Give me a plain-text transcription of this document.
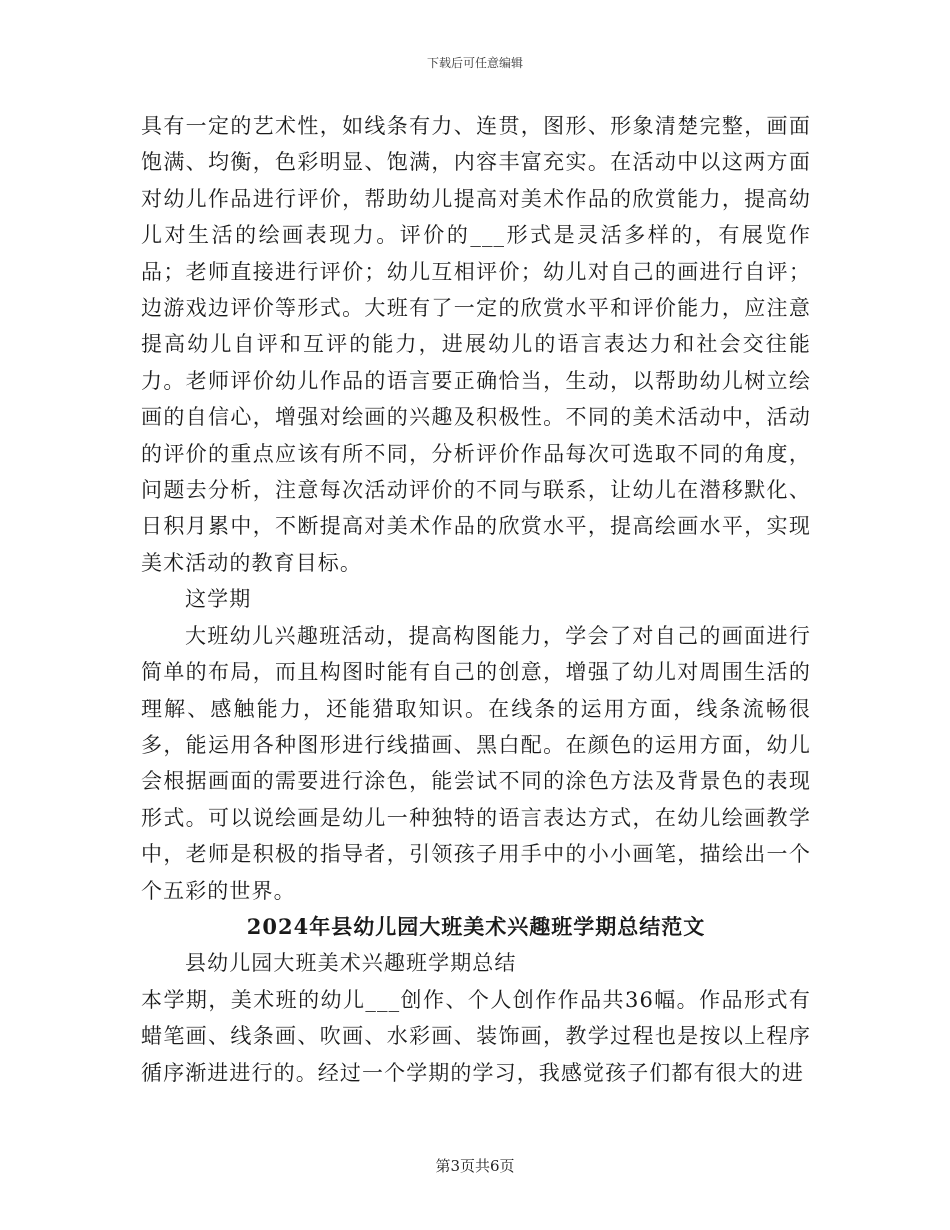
下载后可任意编辑

具有一定的艺术性，如线条有力、连贯，图形、形象清楚完整，画面饱满、均衡，色彩明显、饱满，内容丰富充实。在活动中以这两方面对幼儿作品进行评价，帮助幼儿提高对美术作品的欣赏能力，提高幼儿对生活的绘画表现力。评价的___形式是灵活多样的，有展览作品；老师直接进行评价；幼儿互相评价；幼儿对自己的画进行自评；边游戏边评价等形式。大班有了一定的欣赏水平和评价能力，应注意提高幼儿自评和互评的能力，进展幼儿的语言表达力和社会交往能力。老师评价幼儿作品的语言要正确恰当，生动，以帮助幼儿树立绘画的自信心，增强对绘画的兴趣及积极性。不同的美术活动中，活动的评价的重点应该有所不同，分析评价作品每次可选取不同的角度，问题去分析，注意每次活动评价的不同与联系，让幼儿在潜移默化、日积月累中，不断提高对美术作品的欣赏水平，提高绘画水平，实现美术活动的教育目标。

这学期

大班幼儿兴趣班活动，提高构图能力，学会了对自己的画面进行简单的布局，而且构图时能有自己的创意，增强了幼儿对周围生活的理解、感触能力，还能猎取知识。在线条的运用方面，线条流畅很多，能运用各种图形进行线描画、黑白配。在颜色的运用方面，幼儿会根据画面的需要进行涂色，能尝试不同的涂色方法及背景色的表现形式。可以说绘画是幼儿一种独特的语言表达方式，在幼儿绘画教学中，老师是积极的指导者，引领孩子用手中的小小画笔，描绘出一个个五彩的世界。

2024年县幼儿园大班美术兴趣班学期总结范文

县幼儿园大班美术兴趣班学期总结

本学期，美术班的幼儿___创作、个人创作作品共36幅。作品形式有蜡笔画、线条画、吹画、水彩画、装饰画，教学过程也是按以上程序循序渐进进行的。经过一个学期的学习，我感觉孩子们都有很大的进

第3页共6页
